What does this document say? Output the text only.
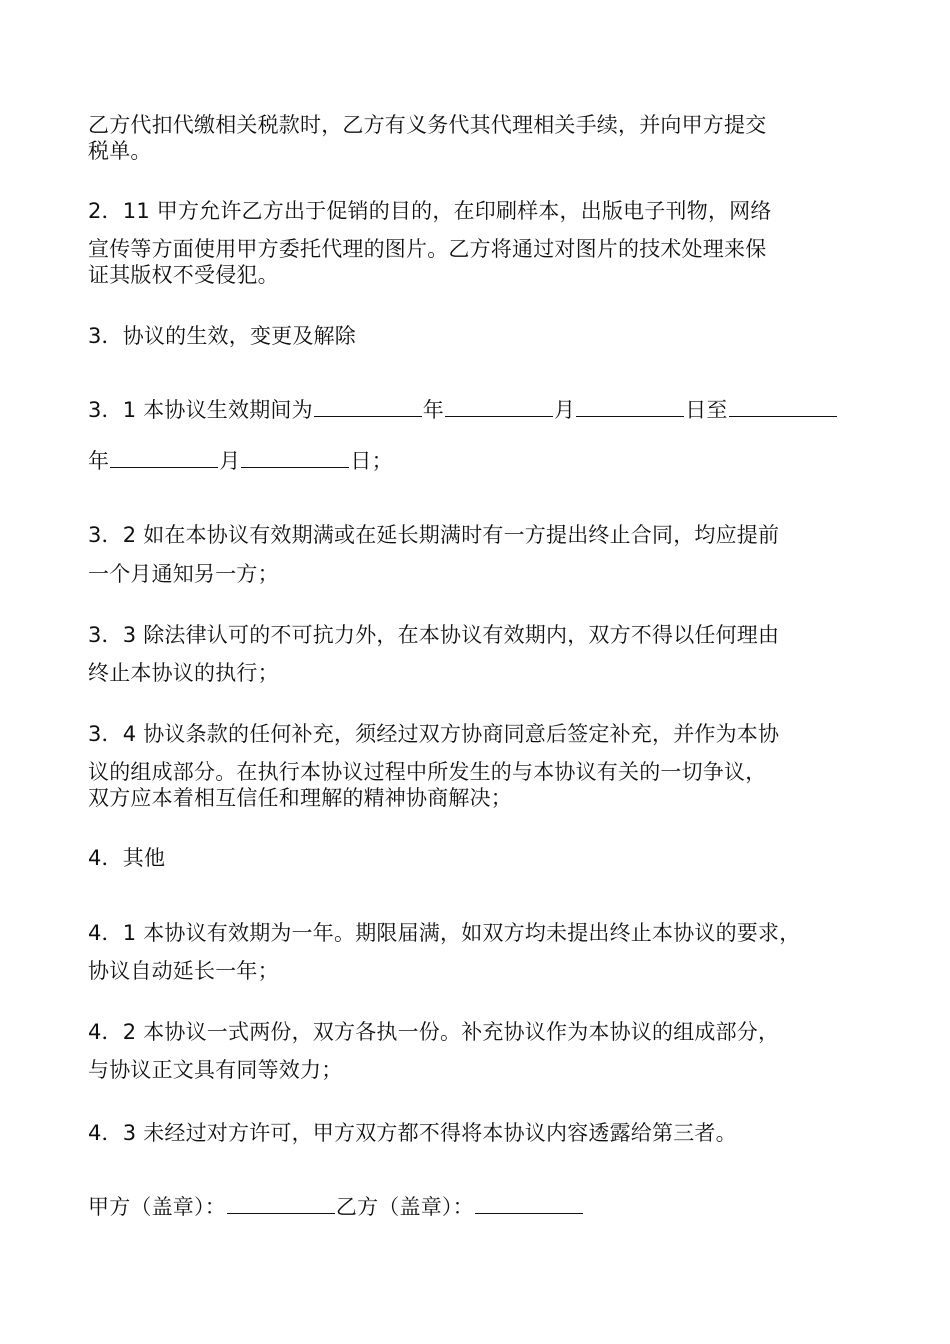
乙方代扣代缴相关税款时，乙方有义务代其代理相关手续，并向甲方提交
税单。
2．11 甲方允许乙方出于促销的目的，在印刷样本，出版电子刊物，网络
宣传等方面使用甲方委托代理的图片。乙方将通过对图片的技术处理来保
证其版权不受侵犯。
3．协议的生效，变更及解除
3．1 本协议生效期间为	年	月	日至
年	月	日；
3．2 如在本协议有效期满或在延长期满时有一方提出终止合同，均应提前
一个月通知另一方；
3．3 除法律认可的不可抗力外，在本协议有效期内，双方不得以任何理由
终止本协议的执行；
3．4 协议条款的任何补充，须经过双方协商同意后签定补充，并作为本协
议的组成部分。在执行本协议过程中所发生的与本协议有关的一切争议，
双方应本着相互信任和理解的精神协商解决；
4．其他
4．1 本协议有效期为一年。期限届满，如双方均未提出终止本协议的要求，
协议自动延长一年；
4．2 本协议一式两份，双方各执一份。补充协议作为本协议的组成部分，
与协议正文具有同等效力；
4．3 未经过对方许可，甲方双方都不得将本协议内容透露给第三者。
甲方（盖章）：	乙方（盖章）：
